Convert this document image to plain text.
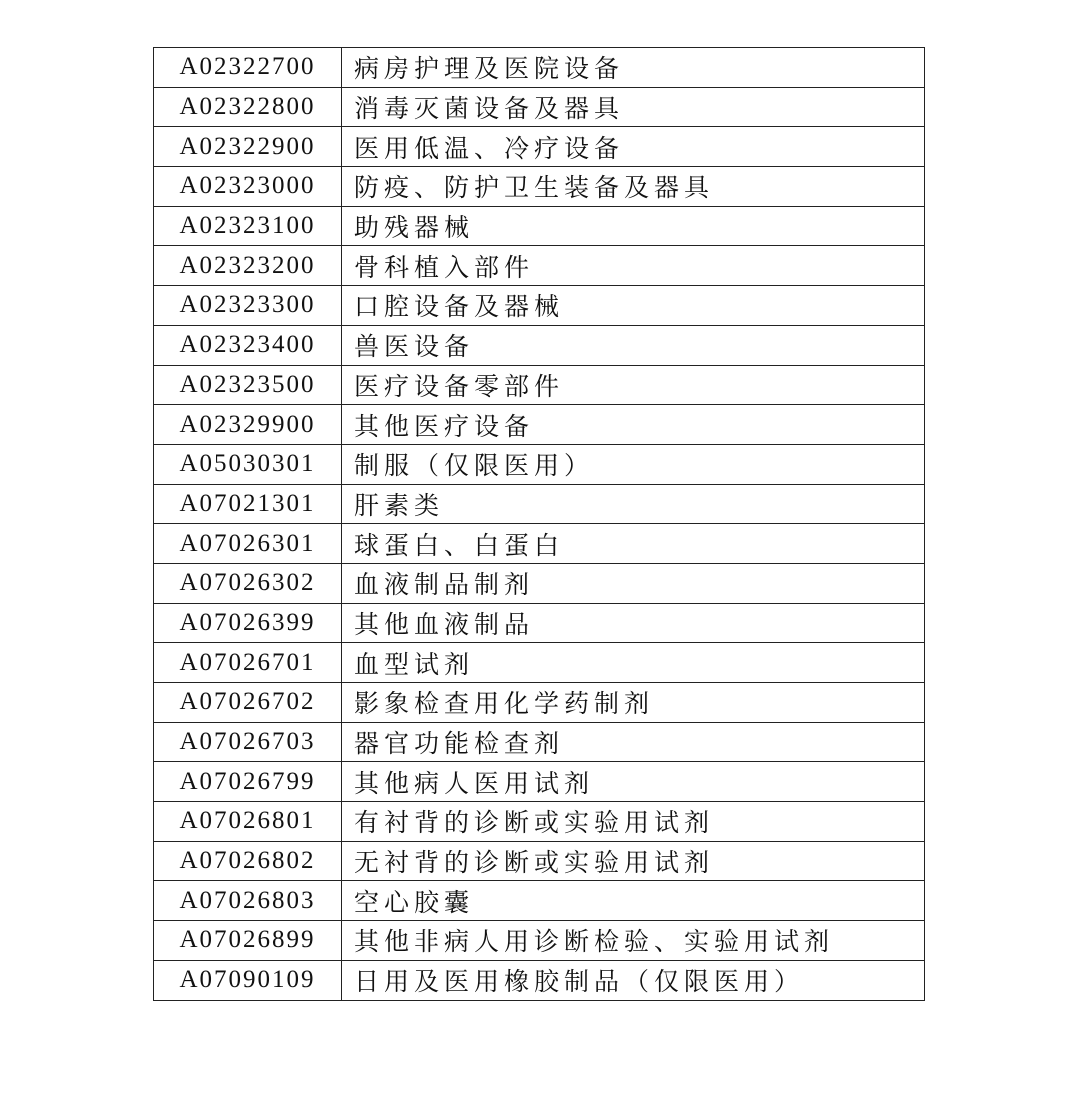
A02322700	病房护理及医院设备
A02322800	消毒灭菌设备及器具
A02322900	医用低温、冷疗设备
A02323000	防疫、防护卫生装备及器具
A02323100	助残器械
A02323200	骨科植入部件
A02323300	口腔设备及器械
A02323400	兽医设备
A02323500	医疗设备零部件
A02329900	其他医疗设备
A05030301	制服（仅限医用）
A07021301	肝素类
A07026301	球蛋白、白蛋白
A07026302	血液制品制剂
A07026399	其他血液制品
A07026701	血型试剂
A07026702	影象检查用化学药制剂
A07026703	器官功能检查剂
A07026799	其他病人医用试剂
A07026801	有衬背的诊断或实验用试剂
A07026802	无衬背的诊断或实验用试剂
A07026803	空心胶囊
A07026899	其他非病人用诊断检验、实验用试剂
A07090109	日用及医用橡胶制品（仅限医用）
